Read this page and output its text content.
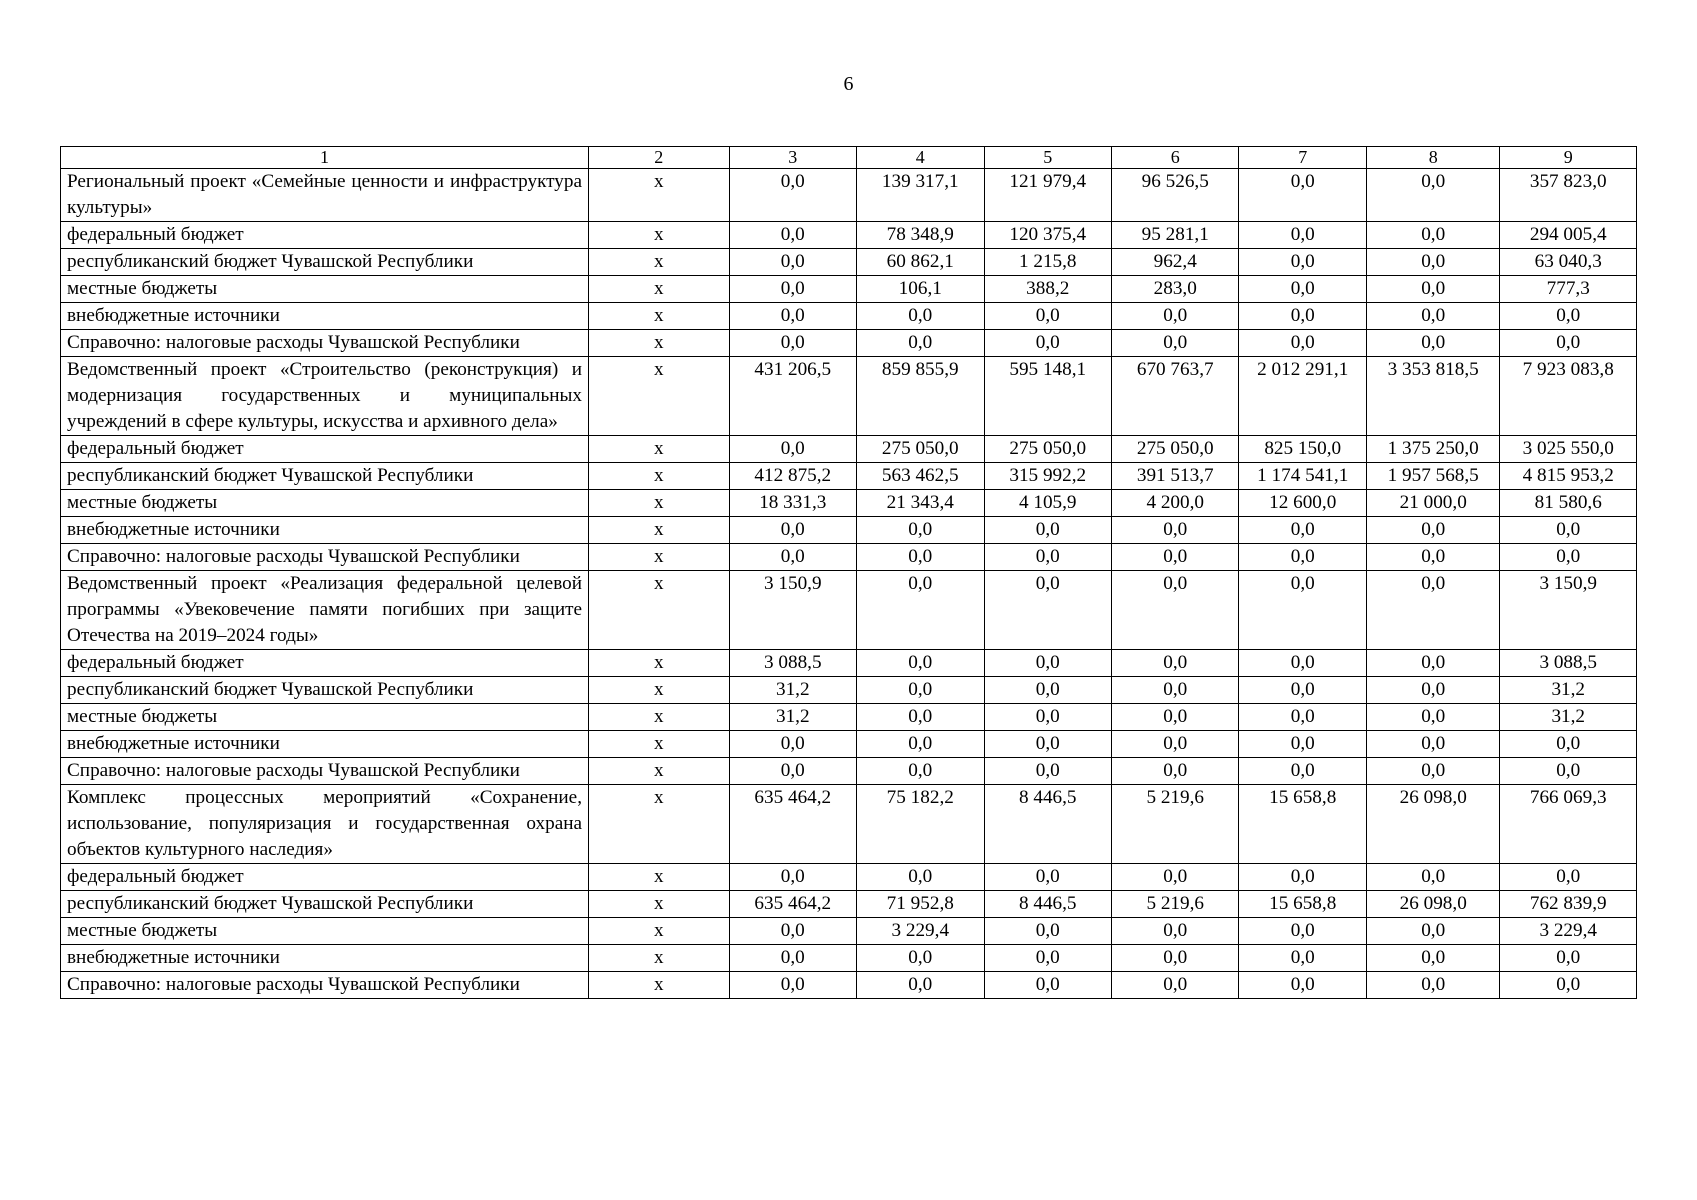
6
1	2	3	4	5	6	7	8	9
Региональный проект «Семейные ценности и инфраструктура культуры»	х	0,0	139 317,1	121 979,4	96 526,5	0,0	0,0	357 823,0
федеральный бюджет	х	0,0	78 348,9	120 375,4	95 281,1	0,0	0,0	294 005,4
республиканский бюджет Чувашской Республики	х	0,0	60 862,1	1 215,8	962,4	0,0	0,0	63 040,3
местные бюджеты	х	0,0	106,1	388,2	283,0	0,0	0,0	777,3
внебюджетные источники	х	0,0	0,0	0,0	0,0	0,0	0,0	0,0
Справочно: налоговые расходы Чувашской Республики	х	0,0	0,0	0,0	0,0	0,0	0,0	0,0
Ведомственный проект «Строительство (реконструкция) и модернизация государственных и муниципальных учреждений в сфере культуры, искусства и архивного дела»	х	431 206,5	859 855,9	595 148,1	670 763,7	2 012 291,1	3 353 818,5	7 923 083,8
федеральный бюджет	х	0,0	275 050,0	275 050,0	275 050,0	825 150,0	1 375 250,0	3 025 550,0
республиканский бюджет Чувашской Республики	х	412 875,2	563 462,5	315 992,2	391 513,7	1 174 541,1	1 957 568,5	4 815 953,2
местные бюджеты	х	18 331,3	21 343,4	4 105,9	4 200,0	12 600,0	21 000,0	81 580,6
внебюджетные источники	х	0,0	0,0	0,0	0,0	0,0	0,0	0,0
Справочно: налоговые расходы Чувашской Республики	х	0,0	0,0	0,0	0,0	0,0	0,0	0,0
Ведомственный проект «Реализация федеральной целевой программы «Увековечение памяти погибших при защите Отечества на 2019–2024 годы»	х	3 150,9	0,0	0,0	0,0	0,0	0,0	3 150,9
федеральный бюджет	х	3 088,5	0,0	0,0	0,0	0,0	0,0	3 088,5
республиканский бюджет Чувашской Республики	х	31,2	0,0	0,0	0,0	0,0	0,0	31,2
местные бюджеты	х	31,2	0,0	0,0	0,0	0,0	0,0	31,2
внебюджетные источники	х	0,0	0,0	0,0	0,0	0,0	0,0	0,0
Справочно: налоговые расходы Чувашской Республики	х	0,0	0,0	0,0	0,0	0,0	0,0	0,0
Комплекс процессных мероприятий «Сохранение, использование, популяризация и государственная охрана объектов культурного наследия»	х	635 464,2	75 182,2	8 446,5	5 219,6	15 658,8	26 098,0	766 069,3
федеральный бюджет	х	0,0	0,0	0,0	0,0	0,0	0,0	0,0
республиканский бюджет Чувашской Республики	х	635 464,2	71 952,8	8 446,5	5 219,6	15 658,8	26 098,0	762 839,9
местные бюджеты	х	0,0	3 229,4	0,0	0,0	0,0	0,0	3 229,4
внебюджетные источники	х	0,0	0,0	0,0	0,0	0,0	0,0	0,0
Справочно: налоговые расходы Чувашской Республики	х	0,0	0,0	0,0	0,0	0,0	0,0	0,0
